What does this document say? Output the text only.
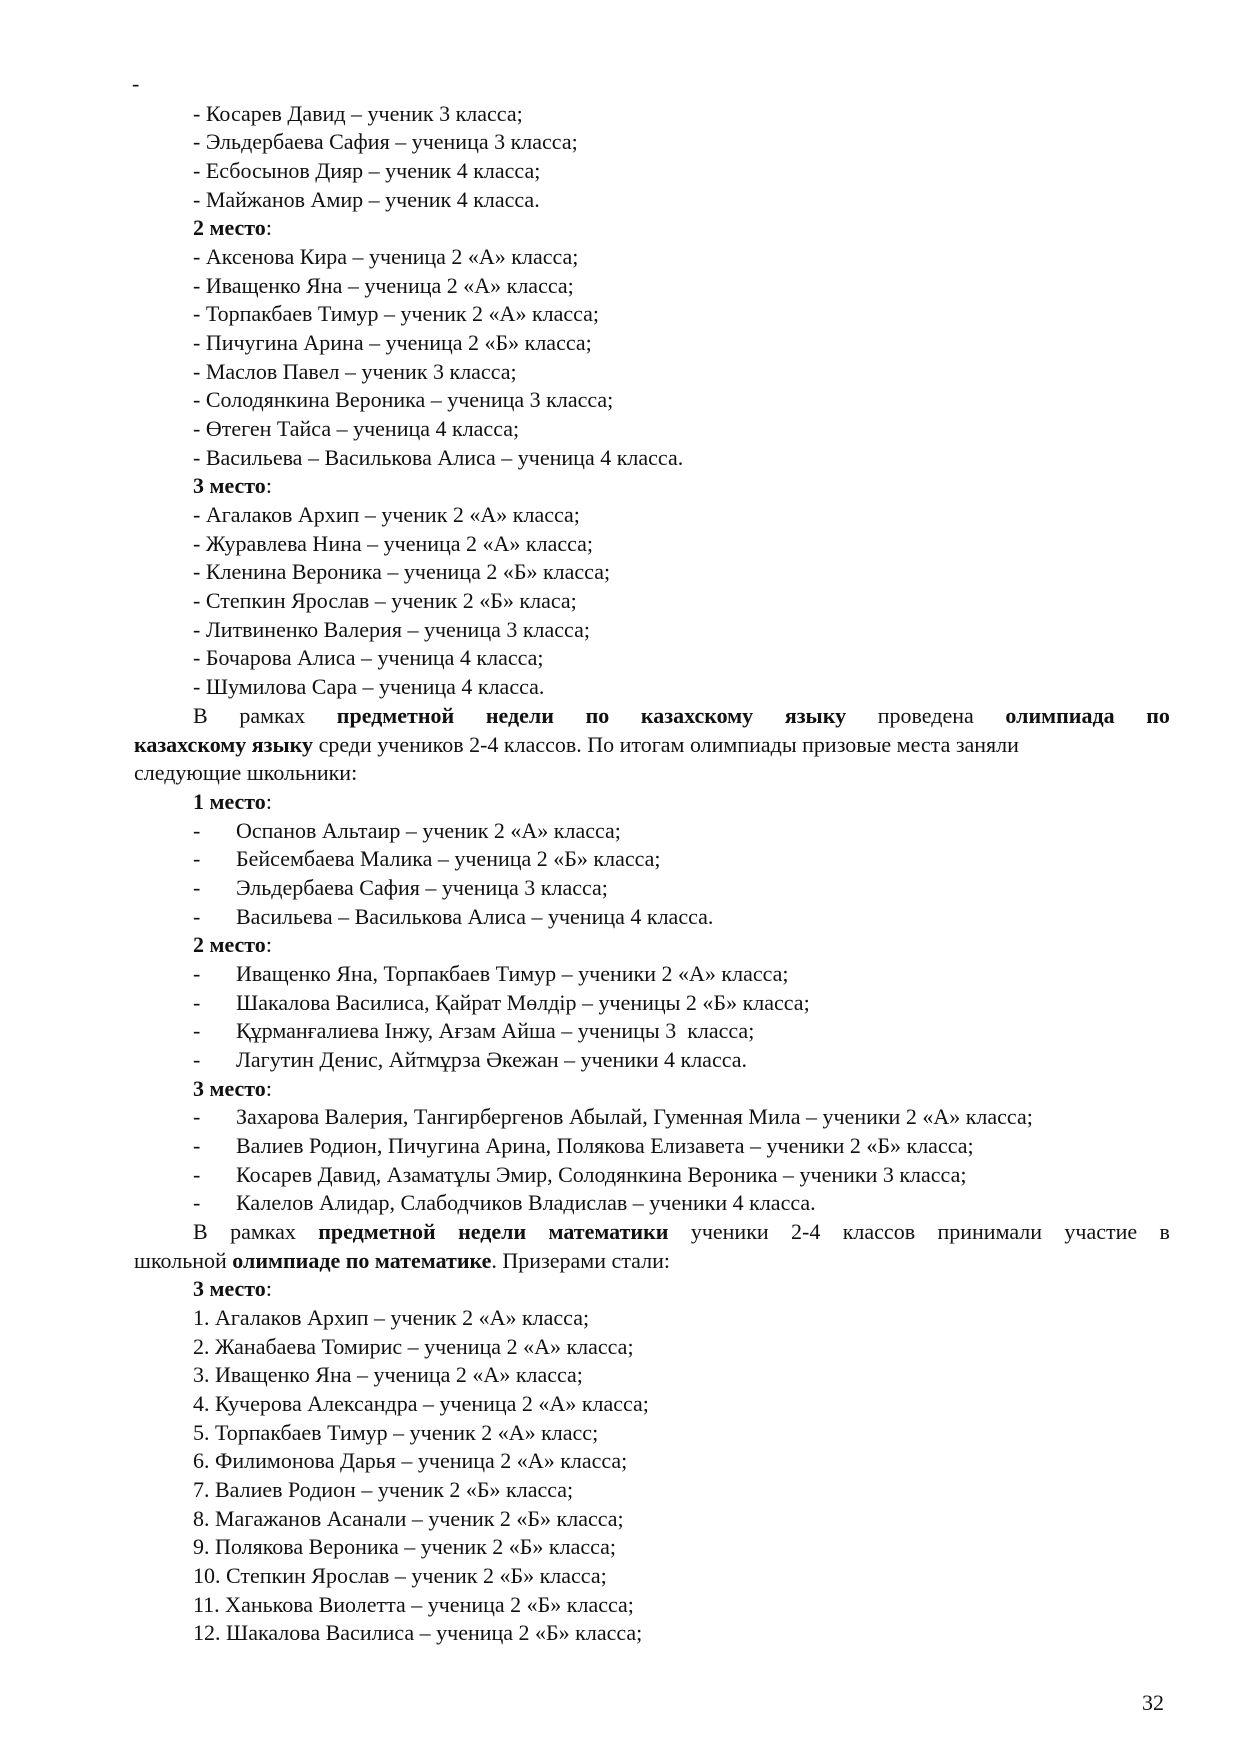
-
- Косарев Давид – ученик 3 класса;
- Эльдербаева Сафия – ученица 3 класса;
- Есбосынов Дияр – ученик 4 класса;
- Майжанов Амир – ученик 4 класса.
2 место:
- Аксенова Кира – ученица 2 «А» класса;
- Иващенко Яна – ученица 2 «А» класса;
- Торпакбаев Тимур – ученик 2 «А» класса;
- Пичугина Арина – ученица 2 «Б» класса;
- Маслов Павел – ученик 3 класса;
- Солодянкина Вероника – ученица 3 класса;
- Өтеген Тайса – ученица 4 класса;
- Васильева – Василькова Алиса – ученица 4 класса.
3 место:
- Агалаков Архип – ученик 2 «А» класса;
- Журавлева Нина – ученица 2 «А» класса;
- Кленина Вероника – ученица 2 «Б» класса;
- Степкин Ярослав – ученик 2 «Б» класа;
- Литвиненко Валерия – ученица 3 класса;
- Бочарова Алиса – ученица 4 класса;
- Шумилова Сара – ученица 4 класса.
В рамках предметной недели по казахскому языку проведена олимпиада по
казахскому языку среди учеников 2-4 классов. По итогам олимпиады призовые места заняли
следующие школьники:
1 место:
- Оспанов Альтаир – ученик 2 «А» класса;
- Бейсембаева Малика – ученица 2 «Б» класса;
- Эльдербаева Сафия – ученица 3 класса;
- Васильева – Василькова Алиса – ученица 4 класса.
2 место:
- Иващенко Яна, Торпакбаев Тимур – ученики 2 «А» класса;
- Шакалова Василиса, Қайрат Мөлдір – ученицы 2 «Б» класса;
- Құрманғалиева Інжу, Ағзам Айша – ученицы 3  класса;
- Лагутин Денис, Айтмұрза Әкежан – ученики 4 класса.
3 место:
- Захарова Валерия, Тангирбергенов Абылай, Гуменная Мила – ученики 2 «А» класса;
- Валиев Родион, Пичугина Арина, Полякова Елизавета – ученики 2 «Б» класса;
- Косарев Давид, Азаматұлы Эмир, Солодянкина Вероника – ученики 3 класса;
- Калелов Алидар, Слабодчиков Владислав – ученики 4 класса.
В рамках предметной недели математики ученики 2-4 классов принимали участие в
школьной олимпиаде по математике. Призерами стали:
3 место:
1. Агалаков Архип – ученик 2 «А» класса;
2. Жанабаева Томирис – ученица 2 «А» класса;
3. Иващенко Яна – ученица 2 «А» класса;
4. Кучерова Александра – ученица 2 «А» класса;
5. Торпакбаев Тимур – ученик 2 «А» класс;
6. Филимонова Дарья – ученица 2 «А» класса;
7. Валиев Родион – ученик 2 «Б» класса;
8. Магажанов Асанали – ученик 2 «Б» класса;
9. Полякова Вероника – ученик 2 «Б» класса;
10. Степкин Ярослав – ученик 2 «Б» класса;
11. Ханькова Виолетта – ученица 2 «Б» класса;
12. Шакалова Василиса – ученица 2 «Б» класса;
32
